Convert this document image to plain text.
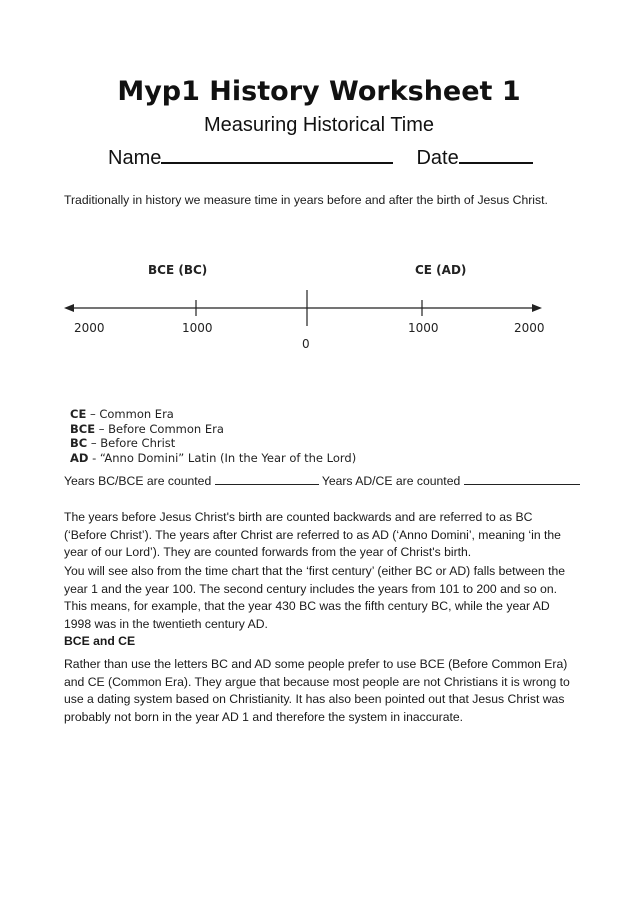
Myp1 History Worksheet 1
Measuring Historical Time
Name	Date
Traditionally in history we measure time in years before and after the birth of Jesus Christ.
BCE (BC)	CE (AD)
2000	1000
0
1000	2000
CE – Common Era
BCE – Before Common Era
BC – Before Christ
AD - “Anno Domini” Latin (In the Year of the Lord)
Years BC/BCE are counted	Years AD/CE are counted
The years before Jesus Christ's birth are counted backwards and are referred to as BC (‘Before Christ’). The years after Christ are referred to as AD (‘Anno Domini’, meaning ‘in the year of our Lord’). They are counted forwards from the year of Christ's birth.
You will see also from the time chart that the ‘first century’ (either BC or AD) falls between the year 1 and the year 100. The second century includes the years from 101 to 200 and so on. This means, for example, that the year 430 BC was the fifth century BC, while the year AD 1998 was in the twentieth century AD.
BCE and CE
Rather than use the letters BC and AD some people prefer to use BCE (Before Common Era) and CE (Common Era). They argue that because most people are not Christians it is wrong to use a dating system based on Christianity. It has also been pointed out that Jesus Christ was probably not born in the year AD 1 and therefore the system in inaccurate.
